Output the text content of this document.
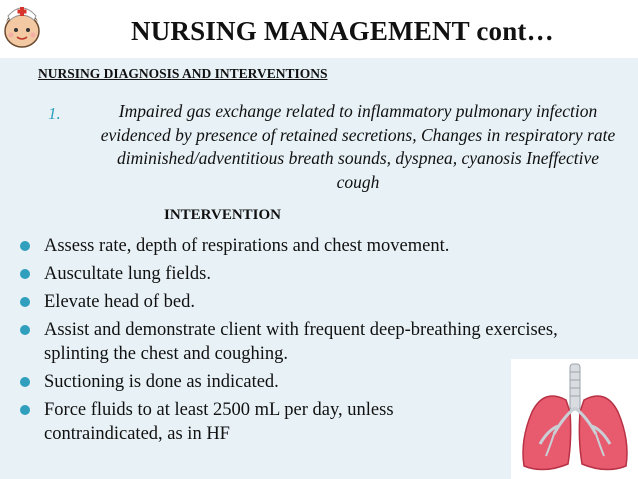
NURSING MANAGEMENT cont…
NURSING DIAGNOSIS AND INTERVENTIONS
1.	Impaired gas exchange related to inflammatory pulmonary infection evidenced by presence of retained secretions, Changes in respiratory rate diminished/adventitious breath sounds, dyspnea, cyanosis Ineffective cough
INTERVENTION
Assess rate, depth of respirations and chest movement.
Auscultate lung fields.
Elevate head of bed.
Assist and demonstrate client with frequent deep-breathing exercises, splinting the chest and coughing.
Suctioning is done as indicated.
Force fluids to at least 2500 mL per day, unless contraindicated, as in HF
